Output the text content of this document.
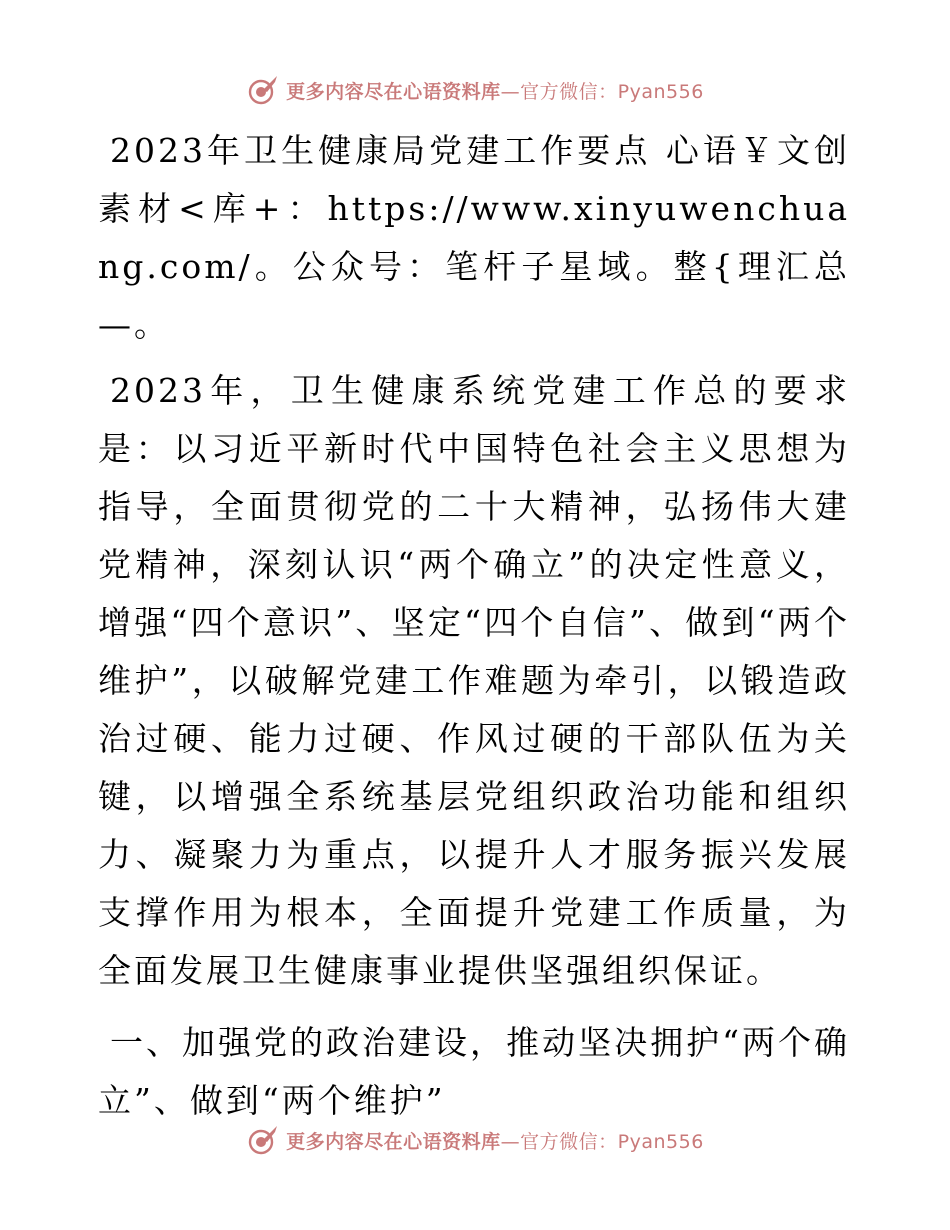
更多内容尽在心语资料库—官方微信：Pyan556

2023年卫生健康局党建工作要点 心语￥文创素材<库+：https://www.xinyuwenchuang.com/。公众号：笔杆子星域。整{理汇总—。

2023年，卫生健康系统党建工作总的要求是：以习近平新时代中国特色社会主义思想为指导，全面贯彻党的二十大精神，弘扬伟大建党精神，深刻认识“两个确立”的决定性意义，增强“四个意识”、坚定“四个自信”、做到“两个维护”，以破解党建工作难题为牵引，以锻造政治过硬、能力过硬、作风过硬的干部队伍为关键，以增强全系统基层党组织政治功能和组织力、凝聚力为重点，以提升人才服务振兴发展支撑作用为根本，全面提升党建工作质量，为全面发展卫生健康事业提供坚强组织保证。

一、加强党的政治建设，推动坚决拥护“两个确立”、做到“两个维护”

更多内容尽在心语资料库—官方微信：Pyan556
